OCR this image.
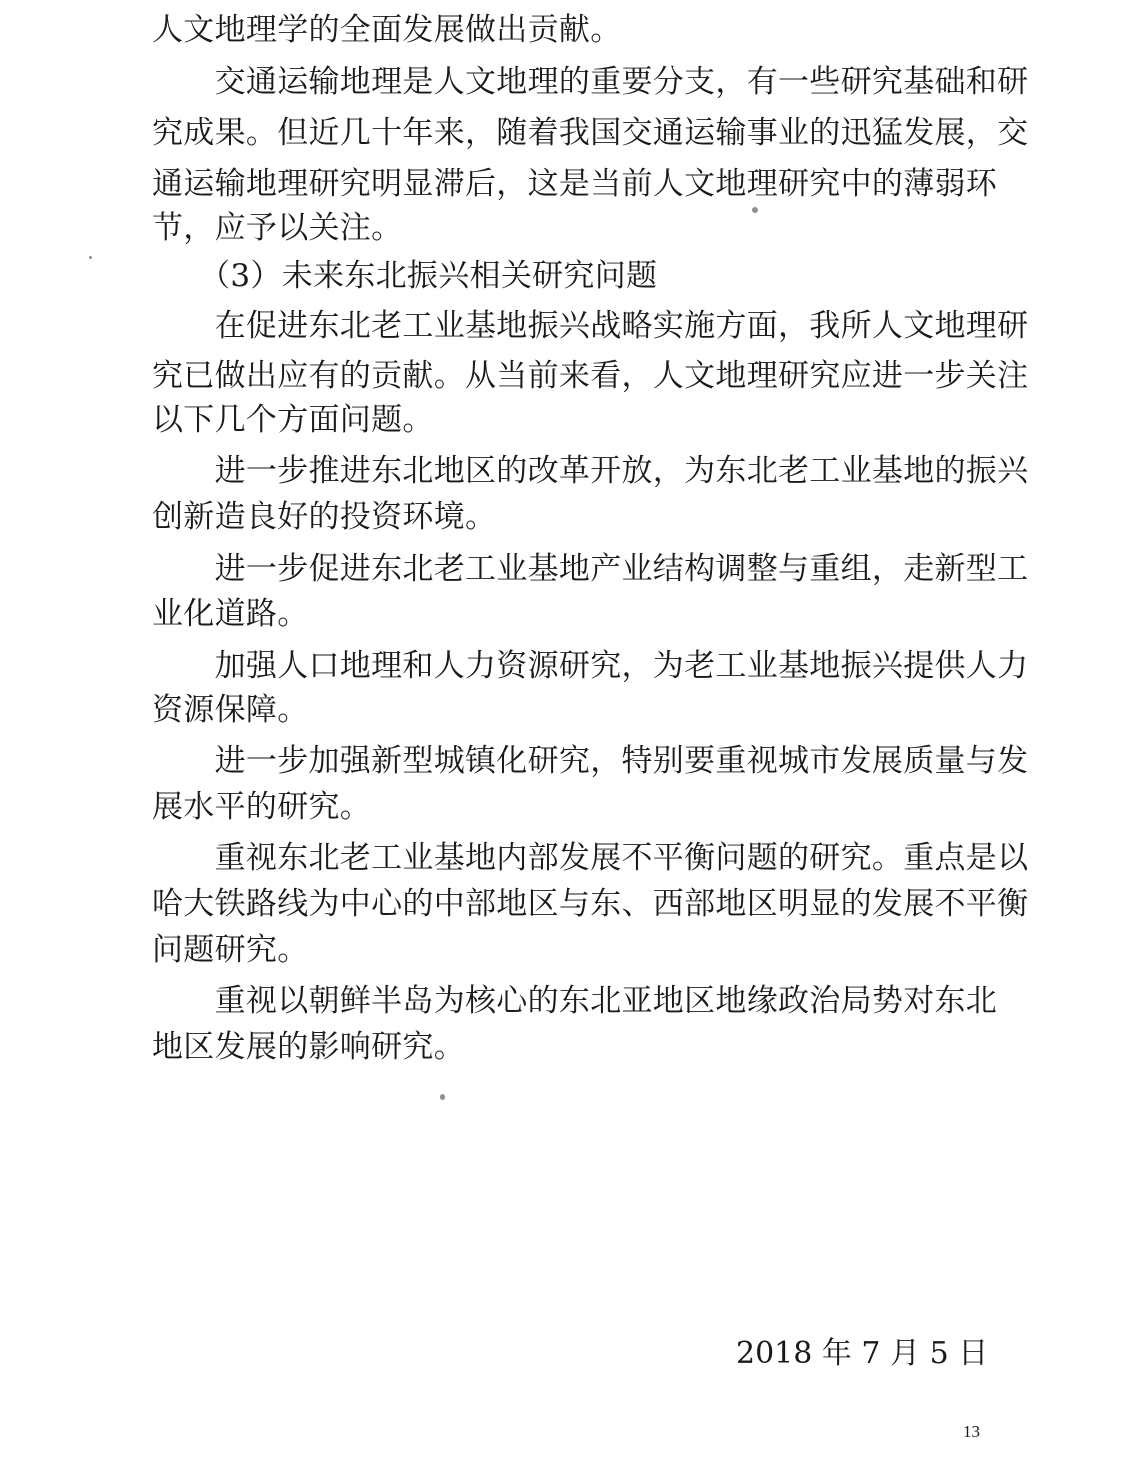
人文地理学的全面发展做出贡献。
　　交通运输地理是人文地理的重要分支，有一些研究基础和研
究成果。但近几十年来，随着我国交通运输事业的迅猛发展，交
通运输地理研究明显滞后，这是当前人文地理研究中的薄弱环
节，应予以关注。
　　（3）未来东北振兴相关研究问题
　　在促进东北老工业基地振兴战略实施方面，我所人文地理研
究已做出应有的贡献。从当前来看，人文地理研究应进一步关注
以下几个方面问题。
　　进一步推进东北地区的改革开放，为东北老工业基地的振兴
创新造良好的投资环境。
　　进一步促进东北老工业基地产业结构调整与重组，走新型工
业化道路。
　　加强人口地理和人力资源研究，为老工业基地振兴提供人力
资源保障。
　　进一步加强新型城镇化研究，特别要重视城市发展质量与发
展水平的研究。
　　重视东北老工业基地内部发展不平衡问题的研究。重点是以
哈大铁路线为中心的中部地区与东、西部地区明显的发展不平衡
问题研究。
　　重视以朝鲜半岛为核心的东北亚地区地缘政治局势对东北
地区发展的影响研究。
2018 年 7 月 5 日
13
